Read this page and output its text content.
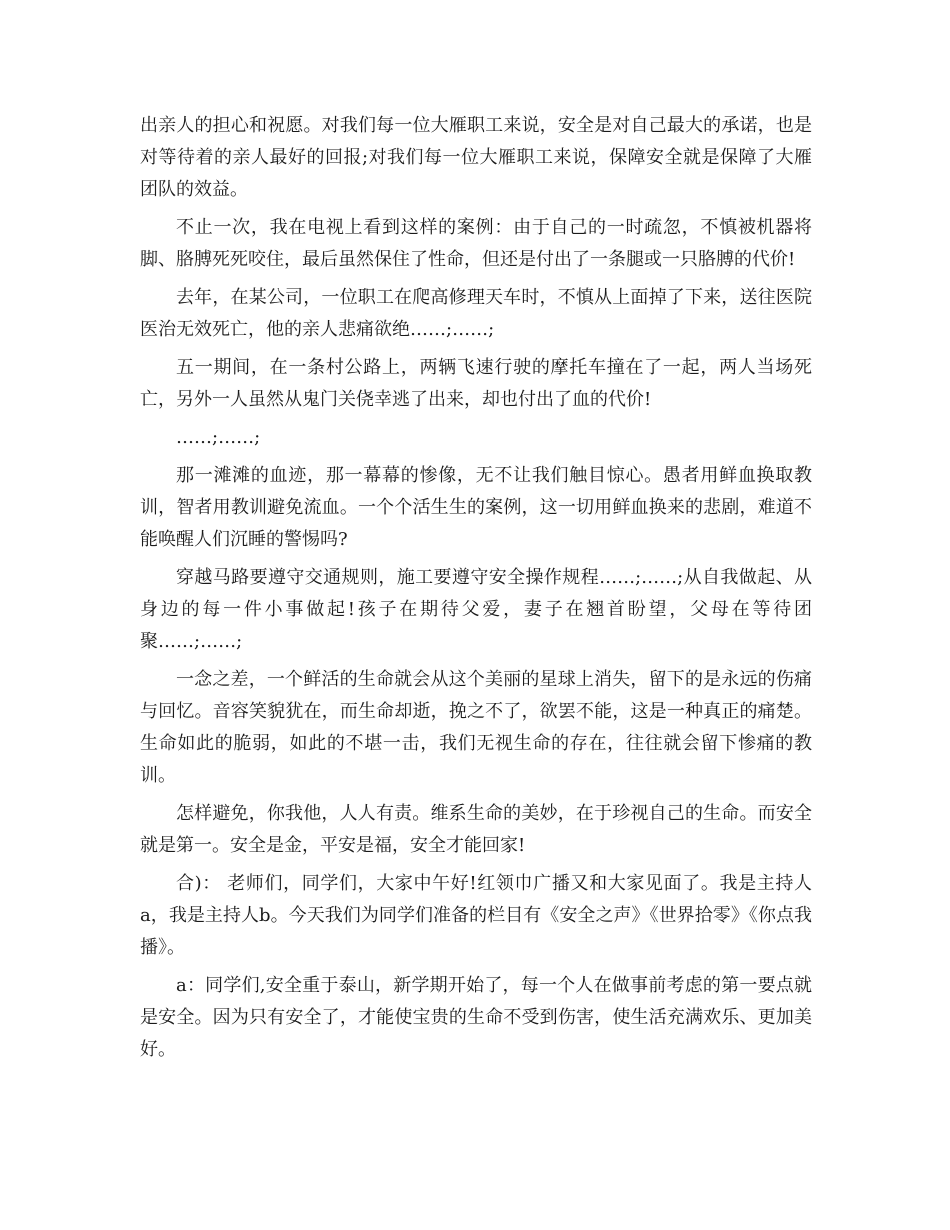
出亲人的担心和祝愿。对我们每一位大雁职工来说，安全是对自己最大的承诺，也是对等待着的亲人最好的回报;对我们每一位大雁职工来说，保障安全就是保障了大雁团队的效益。

不止一次，我在电视上看到这样的案例：由于自己的一时疏忽，不慎被机器将脚、胳膊死死咬住，最后虽然保住了性命，但还是付出了一条腿或一只胳膊的代价!

去年，在某公司，一位职工在爬高修理天车时，不慎从上面掉了下来，送往医院医治无效死亡，他的亲人悲痛欲绝……;……;

五一期间，在一条村公路上，两辆飞速行驶的摩托车撞在了一起，两人当场死亡，另外一人虽然从鬼门关侥幸逃了出来，却也付出了血的代价!

……;……;

那一滩滩的血迹，那一幕幕的惨像，无不让我们触目惊心。愚者用鲜血换取教训，智者用教训避免流血。一个个活生生的案例，这一切用鲜血换来的悲剧，难道不能唤醒人们沉睡的警惕吗?

穿越马路要遵守交通规则，施工要遵守安全操作规程……;……;从自我做起、从身边的每一件小事做起!孩子在期待父爱，妻子在翘首盼望，父母在等待团聚……;……;

一念之差，一个鲜活的生命就会从这个美丽的星球上消失，留下的是永远的伤痛与回忆。音容笑貌犹在，而生命却逝，挽之不了，欲罢不能，这是一种真正的痛楚。生命如此的脆弱，如此的不堪一击，我们无视生命的存在，往往就会留下惨痛的教训。

怎样避免，你我他，人人有责。维系生命的美妙，在于珍视自己的生命。而安全就是第一。安全是金，平安是福，安全才能回家!

合)： 老师们，同学们，大家中午好!红领巾广播又和大家见面了。我是主持人a，我是主持人b。今天我们为同学们准备的栏目有《安全之声》《世界拾零》《你点我播》。

a：同学们,安全重于泰山，新学期开始了，每一个人在做事前考虑的第一要点就是安全。因为只有安全了，才能使宝贵的生命不受到伤害，使生活充满欢乐、更加美好。
